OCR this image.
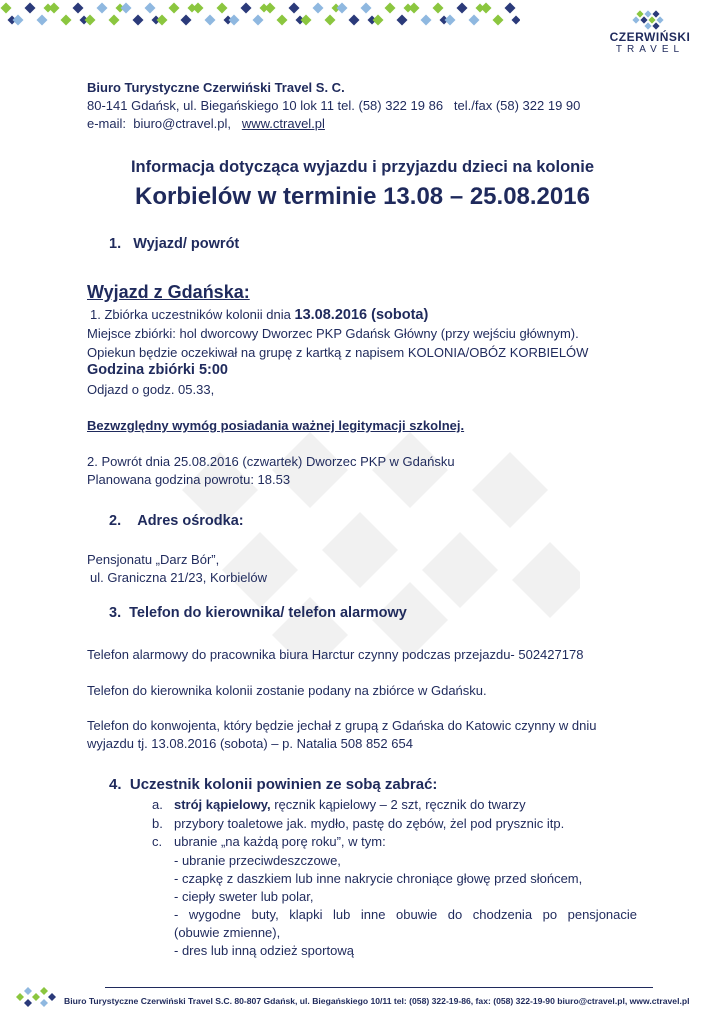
CZERWIŃSKI
TRAVEL
Biuro Turystyczne Czerwiński Travel S. C.
80-141 Gdańsk, ul. Biegańskiego 10 lok 11 tel. (58) 322 19 86 tel./fax (58) 322 19 90
e-mail: biuro@ctravel.pl, www.ctravel.pl
Informacja dotycząca wyjazdu i przyjazdu dzieci na kolonie
Korbielów w terminie 13.08 – 25.08.2016
1. Wyjazd/ powrót
Wyjazd z Gdańska:
1. Zbiórka uczestników kolonii dnia 13.08.2016 (sobota)
Miejsce zbiórki: hol dworcowy Dworzec PKP Gdańsk Główny (przy wejściu głównym).
Opiekun będzie oczekiwał na grupę z kartką z napisem KOLONIA/OBÓZ KORBIELÓW
Godzina zbiórki 5:00
Odjazd o godz. 05.33,
Bezwzględny wymóg posiadania ważnej legitymacji szkolnej.
2. Powrót dnia 25.08.2016 (czwartek) Dworzec PKP w Gdańsku
Planowana godzina powrotu: 18.53
2. Adres ośrodka:
Pensjonatu „Darz Bór”,
ul. Graniczna 21/23, Korbielów
3. Telefon do kierownika/ telefon alarmowy
Telefon alarmowy do pracownika biura Harctur czynny podczas przejazdu- 502427178
Telefon do kierownika kolonii zostanie podany na zbiórce w Gdańsku.
Telefon do konwojenta, który będzie jechał z grupą z Gdańska do Katowic czynny w dniu
wyjazdu tj. 13.08.2016 (sobota) – p. Natalia 508 852 654
4. Uczestnik kolonii powinien ze sobą zabrać:
a. strój kąpielowy, ręcznik kąpielowy – 2 szt, ręcznik do twarzy
b. przybory toaletowe jak. mydło, pastę do zębów, żel pod prysznic itp.
c. ubranie „na każdą porę roku”, w tym:
- ubranie przeciwdeszczowe,
- czapkę z daszkiem lub inne nakrycie chroniące głowę przed słońcem,
- ciepły sweter lub polar,
- wygodne buty, klapki lub inne obuwie do chodzenia po pensjonacie
(obuwie zmienne),
- dres lub inną odzież sportową
Biuro Turystyczne Czerwiński Travel S.C. 80-807 Gdańsk, ul. Biegańskiego 10/11 tel: (058) 322-19-86, fax: (058) 322-19-90 biuro@ctravel.pl, www.ctravel.pl
